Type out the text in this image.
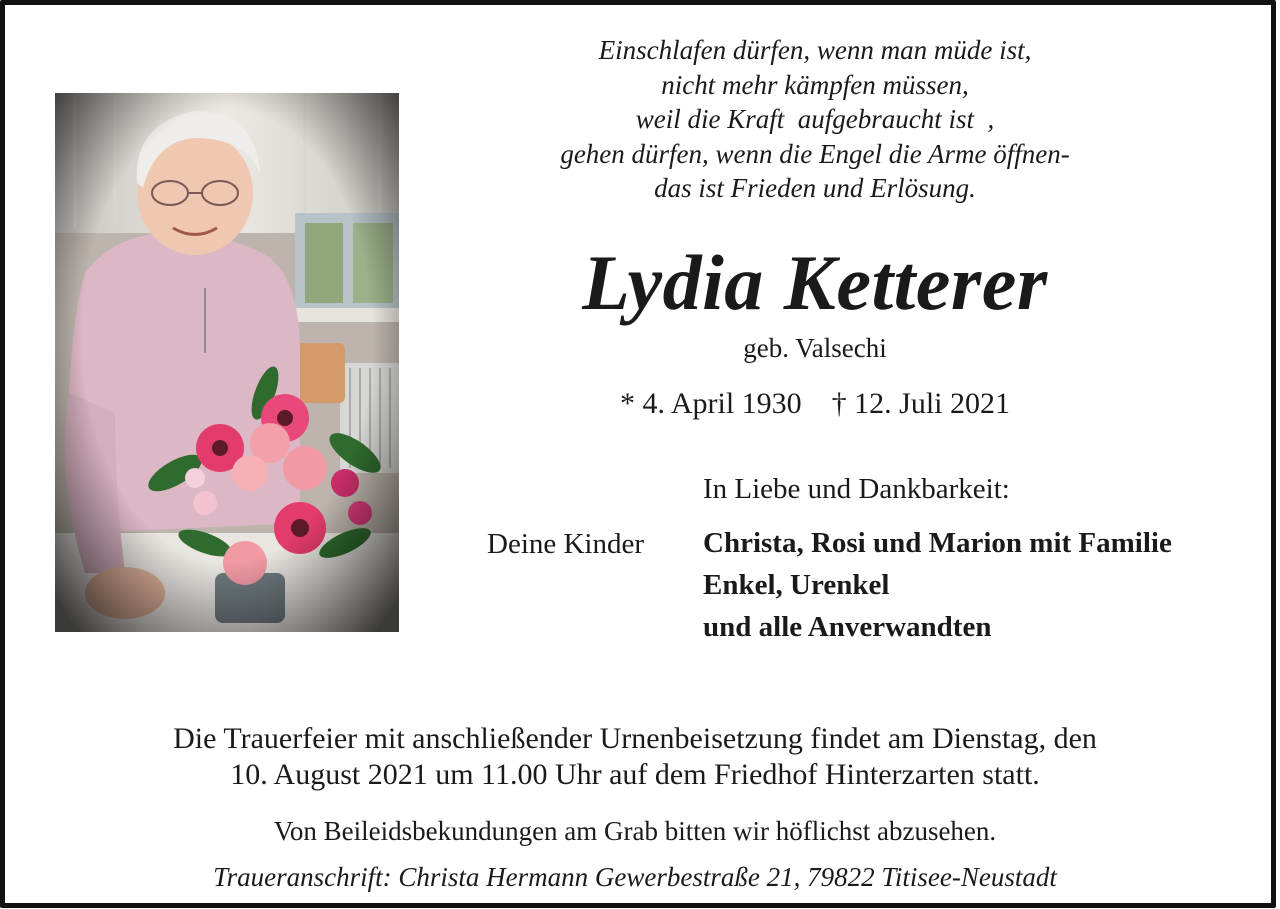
Einschlafen dürfen, wenn man müde ist,
nicht mehr kämpfen müssen,
weil die Kraft  aufgebraucht ist  ,
gehen dürfen, wenn die Engel die Arme öffnen-
das ist Frieden und Erlösung.
Lydia Ketterer
geb. Valsechi
* 4. April 1930 † 12. Juli 2021
In Liebe und Dankbarkeit:
Deine Kinder Christa, Rosi und Marion mit Familie
Enkel, Urenkel
und alle Anverwandten
Die Trauerfeier mit anschließender Urnenbeisetzung findet am Dienstag, den
10. August 2021 um 11.00 Uhr auf dem Friedhof Hinterzarten statt.
Von Beileidsbekundungen am Grab bitten wir höflichst abzusehen.
Traueranschrift: Christa Hermann Gewerbestraße 21, 79822 Titisee-Neustadt
